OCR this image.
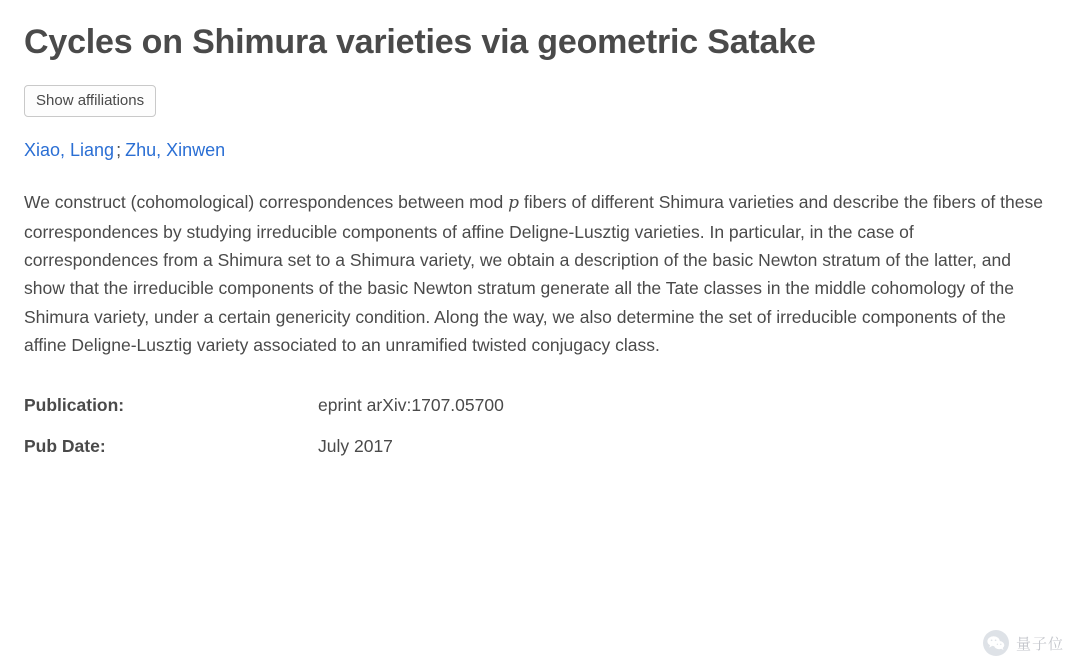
Cycles on Shimura varieties via geometric Satake
Show affiliations
Xiao, Liang ; Zhu, Xinwen
We construct (cohomological) correspondences between mod p fibers of different Shimura varieties and describe the fibers of these correspondences by studying irreducible components of affine Deligne-Lusztig varieties. In particular, in the case of correspondences from a Shimura set to a Shimura variety, we obtain a description of the basic Newton stratum of the latter, and show that the irreducible components of the basic Newton stratum generate all the Tate classes in the middle cohomology of the Shimura variety, under a certain genericity condition. Along the way, we also determine the set of irreducible components of the affine Deligne-Lusztig variety associated to an unramified twisted conjugacy class.
Publication:	eprint arXiv:1707.05700
Pub Date:	July 2017
量子位
